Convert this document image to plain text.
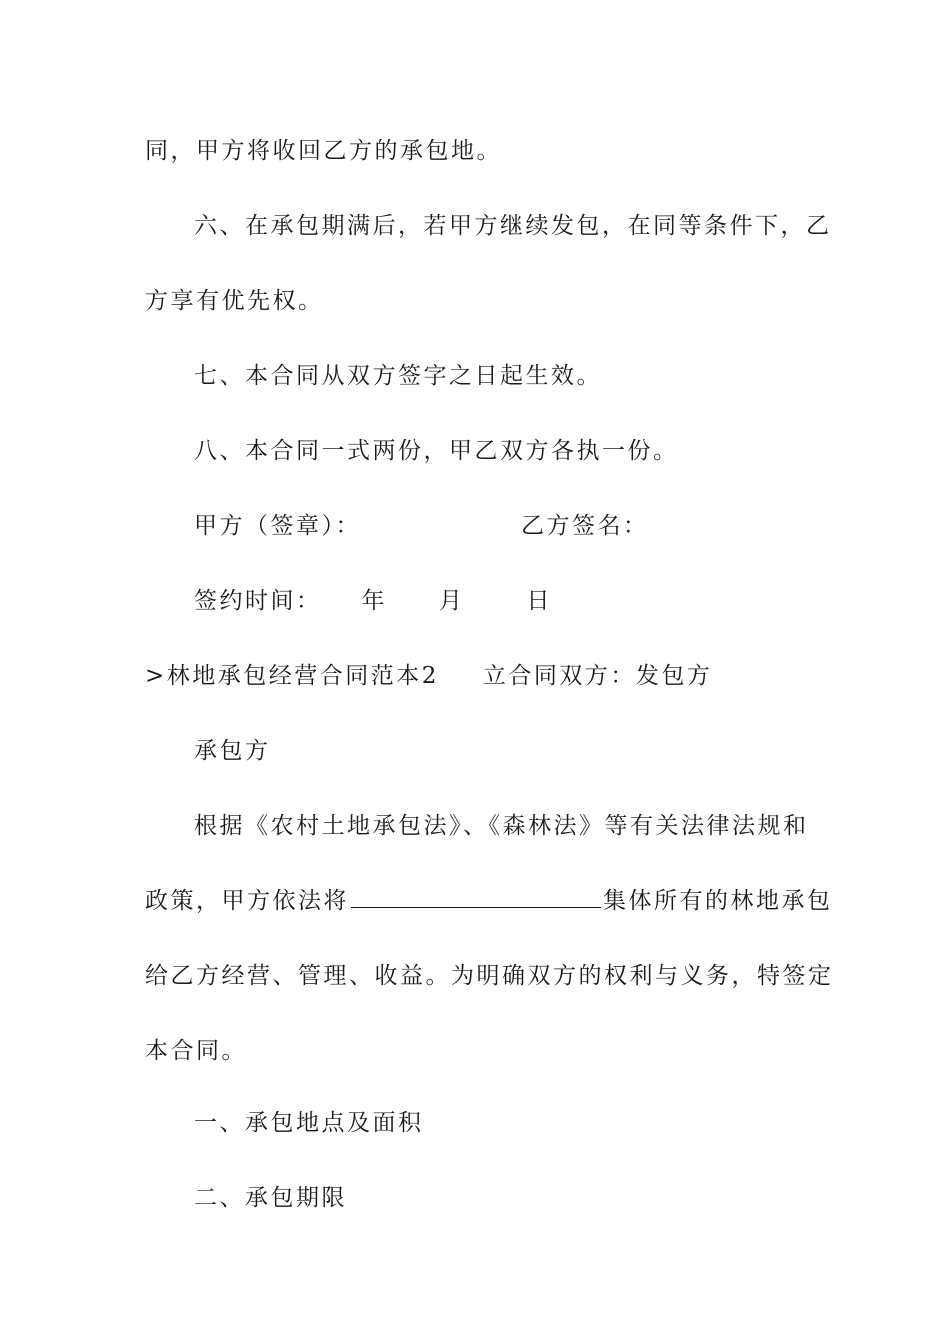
同，甲方将收回乙方的承包地。
六、在承包期满后，若甲方继续发包，在同等条件下，乙
方享有优先权。
七、本合同从双方签字之日起生效。
八、本合同一式两份，甲乙双方各执一份。
甲方（签章）：	乙方签名：
签约时间： 年 月	日
>林地承包经营合同范本2 立合同双方：发包方
承包方
根据《农村土地承包法》、《森林法》等有关法律法规和
政策，甲方依法将	集体所有的林地承包
给乙方经营、管理、收益。为明确双方的权利与义务，特签定
本合同。
一、承包地点及面积
二、承包期限
